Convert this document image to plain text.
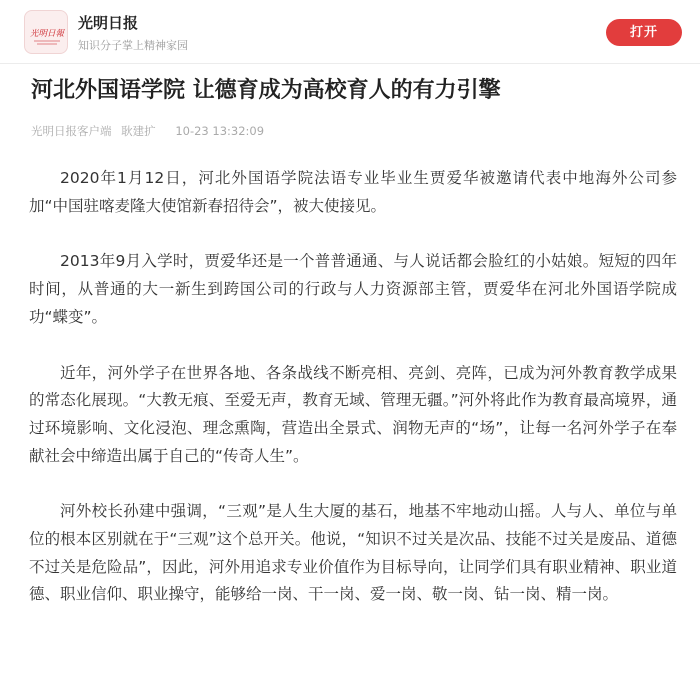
光明日報
光明日报
知识分子掌上精神家园
打开
河北外国语学院 让德育成为高校育人的有力引擎
光明日报客户端 耿建扩 10-23 13:32:09

2020年1月12日，河北外国语学院法语专业毕业生贾爱华被邀请代表中地海外公司参加“中国驻喀麦隆大使馆新春招待会”，被大使接见。

2013年9月入学时，贾爱华还是一个普普通通、与人说话都会脸红的小姑娘。短短的四年时间，从普通的大一新生到跨国公司的行政与人力资源部主管，贾爱华在河北外国语学院成功“蝶变”。

近年，河外学子在世界各地、各条战线不断亮相、亮剑、亮阵，已成为河外教育教学成果的常态化展现。“大教无痕、至爱无声，教育无域、管理无疆。”河外将此作为教育最高境界，通过环境影响、文化浸泡、理念熏陶，营造出全景式、润物无声的“场”，让每一名河外学子在奉献社会中缔造出属于自己的“传奇人生”。

河外校长孙建中强调，“三观”是人生大厦的基石，地基不牢地动山摇。人与人、单位与单位的根本区别就在于“三观”这个总开关。他说，“知识不过关是次品、技能不过关是废品、道德不过关是危险品”，因此，河外用追求专业价值作为目标导向，让同学们具有职业精神、职业道德、职业信仰、职业操守，能够给一岗、干一岗、爱一岗、敬一岗、钻一岗、精一岗。
